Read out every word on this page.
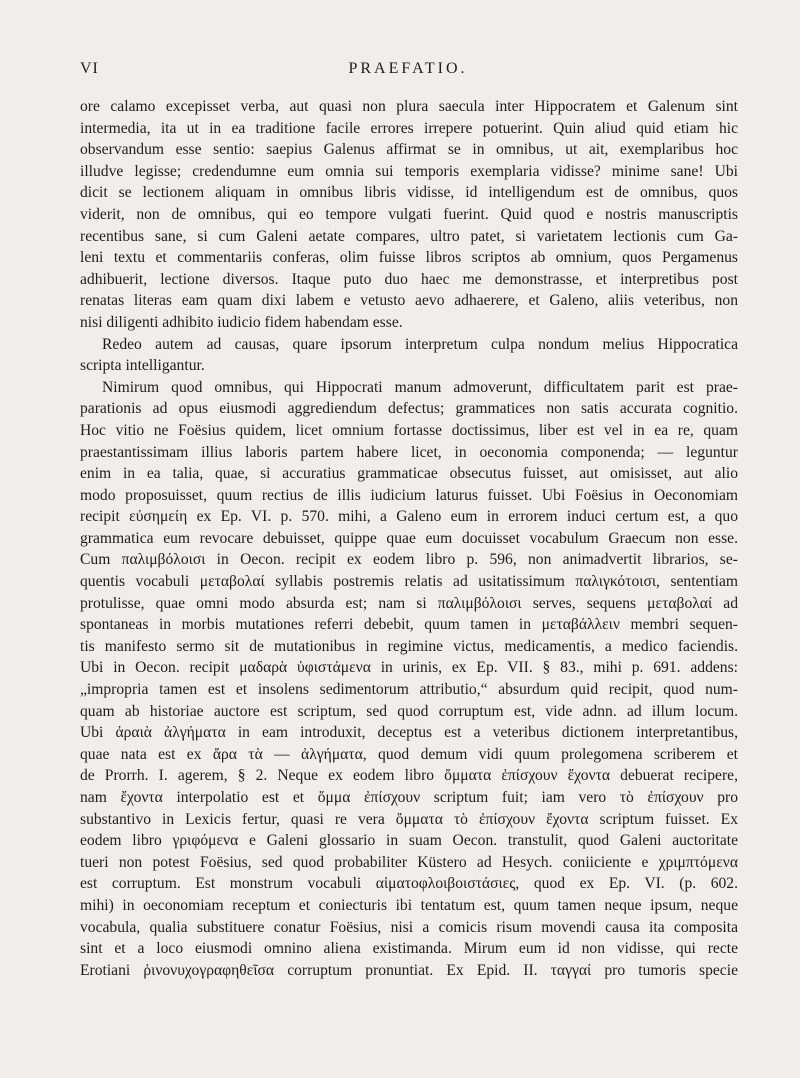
VI	PRAEFATIO.
ore calamo excepisset verba, aut quasi non plura saecula inter Hippocratem et Galenum sint
intermedia, ita ut in ea traditione facile errores irrepere potuerint. Quin aliud quid etiam hic
observandum esse sentio: saepius Galenus affirmat se in omnibus, ut ait, exemplaribus hoc
illudve legisse; credendumne eum omnia sui temporis exemplaria vidisse? minime sane! Ubi
dicit se lectionem aliquam in omnibus libris vidisse, id intelligendum est de omnibus, quos
viderit, non de omnibus, qui eo tempore vulgati fuerint. Quid quod e nostris manuscriptis
recentibus sane, si cum Galeni aetate compares, ultro patet, si varietatem lectionis cum Ga-
leni textu et commentariis conferas, olim fuisse libros scriptos ab omnium, quos Pergamenus
adhibuerit, lectione diversos. Itaque puto duo haec me demonstrasse, et interpretibus post
renatas literas eam quam dixi labem e vetusto aevo adhaerere, et Galeno, aliis veteribus, non
nisi diligenti adhibito iudicio fidem habendam esse.
Redeo autem ad causas, quare ipsorum interpretum culpa nondum melius Hippocratica
scripta intelligantur.
Nimirum quod omnibus, qui Hippocrati manum admoverunt, difficultatem parit est prae-
parationis ad opus eiusmodi aggrediendum defectus; grammatices non satis accurata cognitio.
Hoc vitio ne Foësius quidem, licet omnium fortasse doctissimus, liber est vel in ea re, quam
praestantissimam illius laboris partem habere licet, in oeconomia componenda; — leguntur
enim in ea talia, quae, si accuratius grammaticae obsecutus fuisset, aut omisisset, aut alio
modo proposuisset, quum rectius de illis iudicium laturus fuisset. Ubi Foësius in Oeconomiam
recipit εὐσημείη ex Ep. VI. p. 570. mihi, a Galeno eum in errorem induci certum est, a quo
grammatica eum revocare debuisset, quippe quae eum docuisset vocabulum Graecum non esse.
Cum παλιμβόλοισι in Oecon. recipit ex eodem libro p. 596, non animadvertit librarios, se-
quentis vocabuli μεταβολαί syllabis postremis relatis ad usitatissimum παλιγκότοισι, sententiam
protulisse, quae omni modo absurda est; nam si παλιμβόλοισι serves, sequens μεταβολαί ad
spontaneas in morbis mutationes referri debebit, quum tamen in μεταβάλλειν membri sequen-
tis manifesto sermo sit de mutationibus in regimine victus, medicamentis, a medico faciendis.
Ubi in Oecon. recipit μαδαρὰ ὑφιστάμενα in urinis, ex Ep. VII. § 83., mihi p. 691. addens:
„impropria tamen est et insolens sedimentorum attributio,“ absurdum quid recipit, quod num-
quam ab historiae auctore est scriptum, sed quod corruptum est, vide adnn. ad illum locum.
Ubi ἀραιὰ ἀλγήματα in eam introduxit, deceptus est a veteribus dictionem interpretantibus,
quae nata est ex ἄρα τὰ — ἀλγήματα, quod demum vidi quum prolegomena scriberem et
de Prorrh. I. agerem, § 2. Neque ex eodem libro ὄμματα ἐπίσχουν ἔχοντα debuerat recipere,
nam ἔχοντα interpolatio est et ὄμμα ἐπίσχουν scriptum fuit; iam vero τὸ ἐπίσχουν pro
substantivo in Lexicis fertur, quasi re vera ὄμματα τὸ ἐπίσχουν ἔχοντα scriptum fuisset. Ex
eodem libro γριφόμενα e Galeni glossario in suam Oecon. transtulit, quod Galeni auctoritate
tueri non potest Foësius, sed quod probabiliter Küstero ad Hesych. coniiciente e χριμπτόμενα
est corruptum. Est monstrum vocabuli αἱματοφλοιβοιστάσιες, quod ex Ep. VI. (p. 602.
mihi) in oeconomiam receptum et coniecturis ibi tentatum est, quum tamen neque ipsum, neque
vocabula, qualia substituere conatur Foësius, nisi a comicis risum movendi causa ita composita
sint et a loco eiusmodi omnino aliena existimanda. Mirum eum id non vidisse, qui recte
Erotiani ῥινονυχογραφηθεῖσα corruptum pronuntiat. Ex Epid. II. ταγγαί pro tumoris specie
